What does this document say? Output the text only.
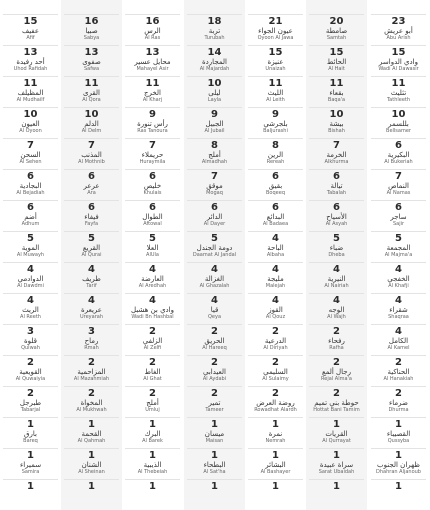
15
عفيف
Afif
13
أحد رفيدة
Uhod Rafidah
11
المظيلف
Al Mudhailf
10
العيون
Al Oyoon
7
السحن
Al Sehen
6
البجادية
Al Bejadiah
6
أضم
Adhum
5
الموية
Al Muwayh
4
الدوادمي
Al Dawdmi
4
الريث
Al Reeth
3
قلوة
Qulwah
2
القويعية
Al Quwaiyia
2
طبرجل
Tabarjal
1
بارق
Bareq
1
سميراء
Samira
1
16
صبيا
Sabya
13
صفوى
Safwa
11
القرى
Al Qora
10
الدلم
Al Delm
7
المذنب
Al Mothnib
6
عرعر
Ara
6
فيفاء
Fayfa
5
القريع
Al Qurai
4
طريف
Tarif
4
عريعرة
Ureyarah
3
رماح
Rmah
2
المزاحمية
Al Mazahmiah
2
المخواة
Al Mukhwah
1
القحمة
Al Qahmah
1
الشنان
Al Sheinan
1
16
الرس
Al Ras
13
محايل عسير
Mahayel Asir
11
الخرج
Al Kharj
9
رأس تنورة
Ras Tanoura
7
حريملاء
Huraymila
6
خليص
Khulais
6
الطوال
Aftowal
5
العلا
AlUla
4
العارضة
Al Aredhah
4
وادي بن هشبل
Wadi Bn Hashbal
2
الزلفي
Al Zelfi
2
الغاط
Al Ghat
2
أملج
Umluj
1
البرك
Al Barek
1
الذيبية
Al Thebeiah
1
18
تربة
Turubah
14
المجاردة
Al Majardah
10
ليلى
Layla
9
الجبيل
Al Jubail
8
أملج
Almadhah
7
موقق
Mogaq
6
الدائر
Al Dayer
5
دومة الجندل
Daamat Al Jandal
4
الغزالة
Al Ghazalah
4
قيا
Qeya
2
الحريق
Al Hareeq
2
العيدابي
Al Aydabi
2
تمير
Tameer
1
ميسان
Maisan
1
البطحاء
Al Sat'ha
1
21
عيون الجواء
Oyoon Al Jawa
15
عنيزة
Unaizah
11
الليث
Al Leith
9
بلجرشي
Baljurashi
8
الرين
Rereah
6
بقيق
Boqeeq
6
البدائع
Al Badaea
4
الباحة
Albaha
4
مليجة
Malejah
4
القوز
Al Qouz
2
الدرعية
Al Diriyah
2
السليمي
Al Sulaimy
2
روضة العرض
Rowadhat Alardh
1
نمرة
Nemrah
1
البشائر
Al Bashayer
1
20
صامطة
Samtah
15
الحائط
Al Hait
11
بقعاء
Baqa'a
10
بيشة
Bishah
7
الخرمة
Alkhurma
6
تيالة
Tabalah
6
الأسياح
Al Asyah
5
ضباء
Dheba
4
النيرية
Al Nairiah
4
الوجه
Al Wajh
2
رفحاء
Rafha
2
رجال ألمع
Rejal Alma'a
2
حوطة بني تميم
Hottat Bani Tamim
1
القريات
Al Qurrayat
1
سراة عبيدة
Sarat Ubaidah
1
23
أبو عريش
Abu Arish
15
وادي الدواسر
Wadi Al Dawasir
11
تثليث
Tathleeth
10
بللسمر
Bellsamer
6
البكيرية
Al Bukeriah
7
النماص
Al Namas
6
ساجر
Sajir
5
المجمعة
Al Majma'a
4
الخفجي
Al Khafji
4
شقراء
Shaqraa
4
الكامل
Al Kamel
2
الحناكية
Al Hanakiah
2
ضرماء
Dhurma
1
القصيباء
Qussyba
1
ظهران الجنوب
Dhahran Aljanoub
1
